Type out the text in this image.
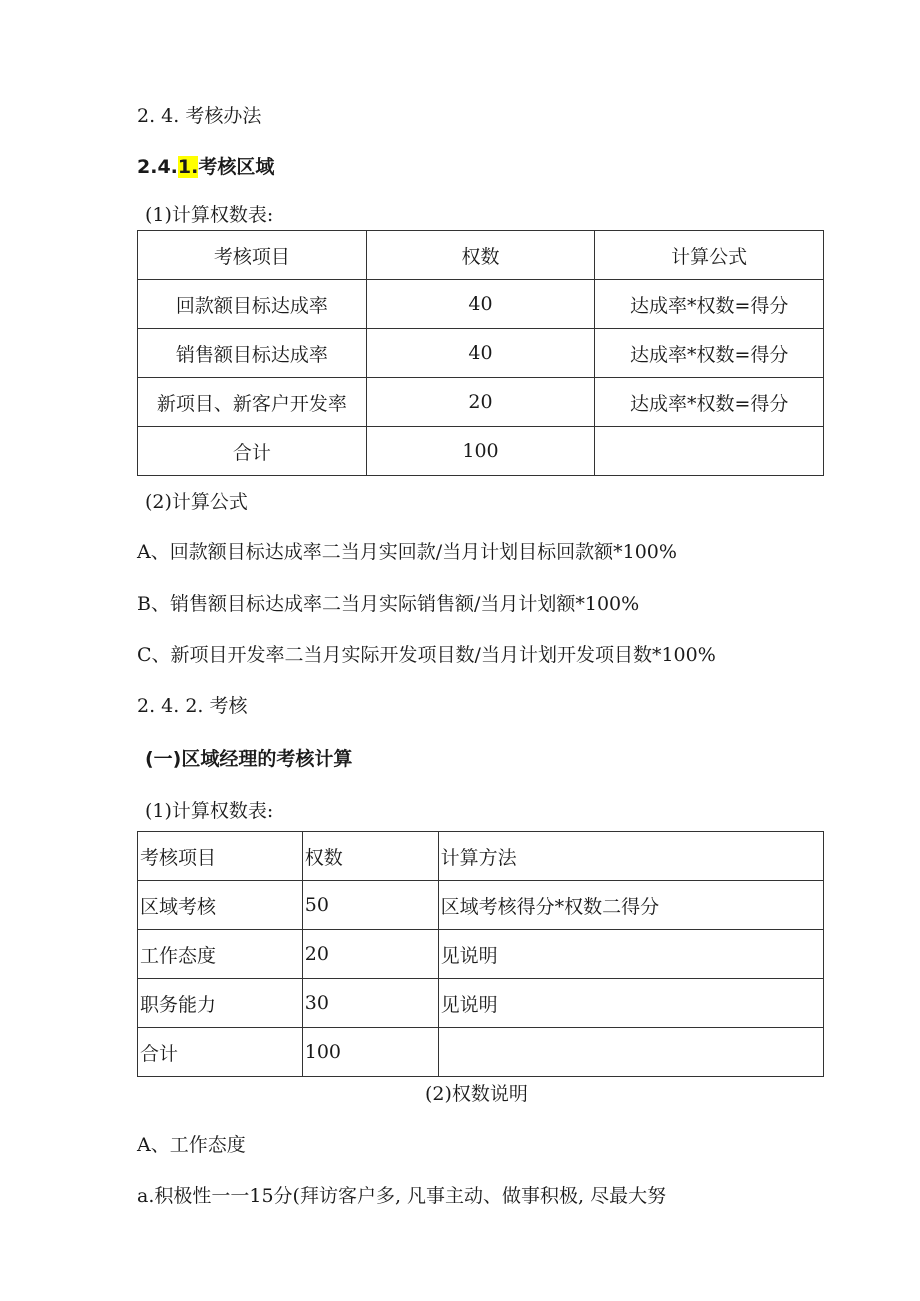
2. 4. 考核办法
2.4.1.考核区域
(1)计算权数表:
考核项目	权数	计算公式
回款额目标达成率	40	达成率*权数=得分
销售额目标达成率	40	达成率*权数=得分
新项目、新客户开发率	20	达成率*权数=得分
合计	100	
(2)计算公式
A、回款额目标达成率二当月实回款/当月计划目标回款额*100%
B、销售额目标达成率二当月实际销售额/当月计划额*100%
C、新项目开发率二当月实际开发项目数/当月计划开发项目数*100%
2. 4. 2. 考核
(一)区域经理的考核计算
(1)计算权数表:
考核项目	权数	计算方法
区域考核	50	区域考核得分*权数二得分
工作态度	20	见说明
职务能力	30	见说明
合计	100	
(2)权数说明
A、工作态度
a.积极性一一15分(拜访客户多, 凡事主动、做事积极, 尽最大努
